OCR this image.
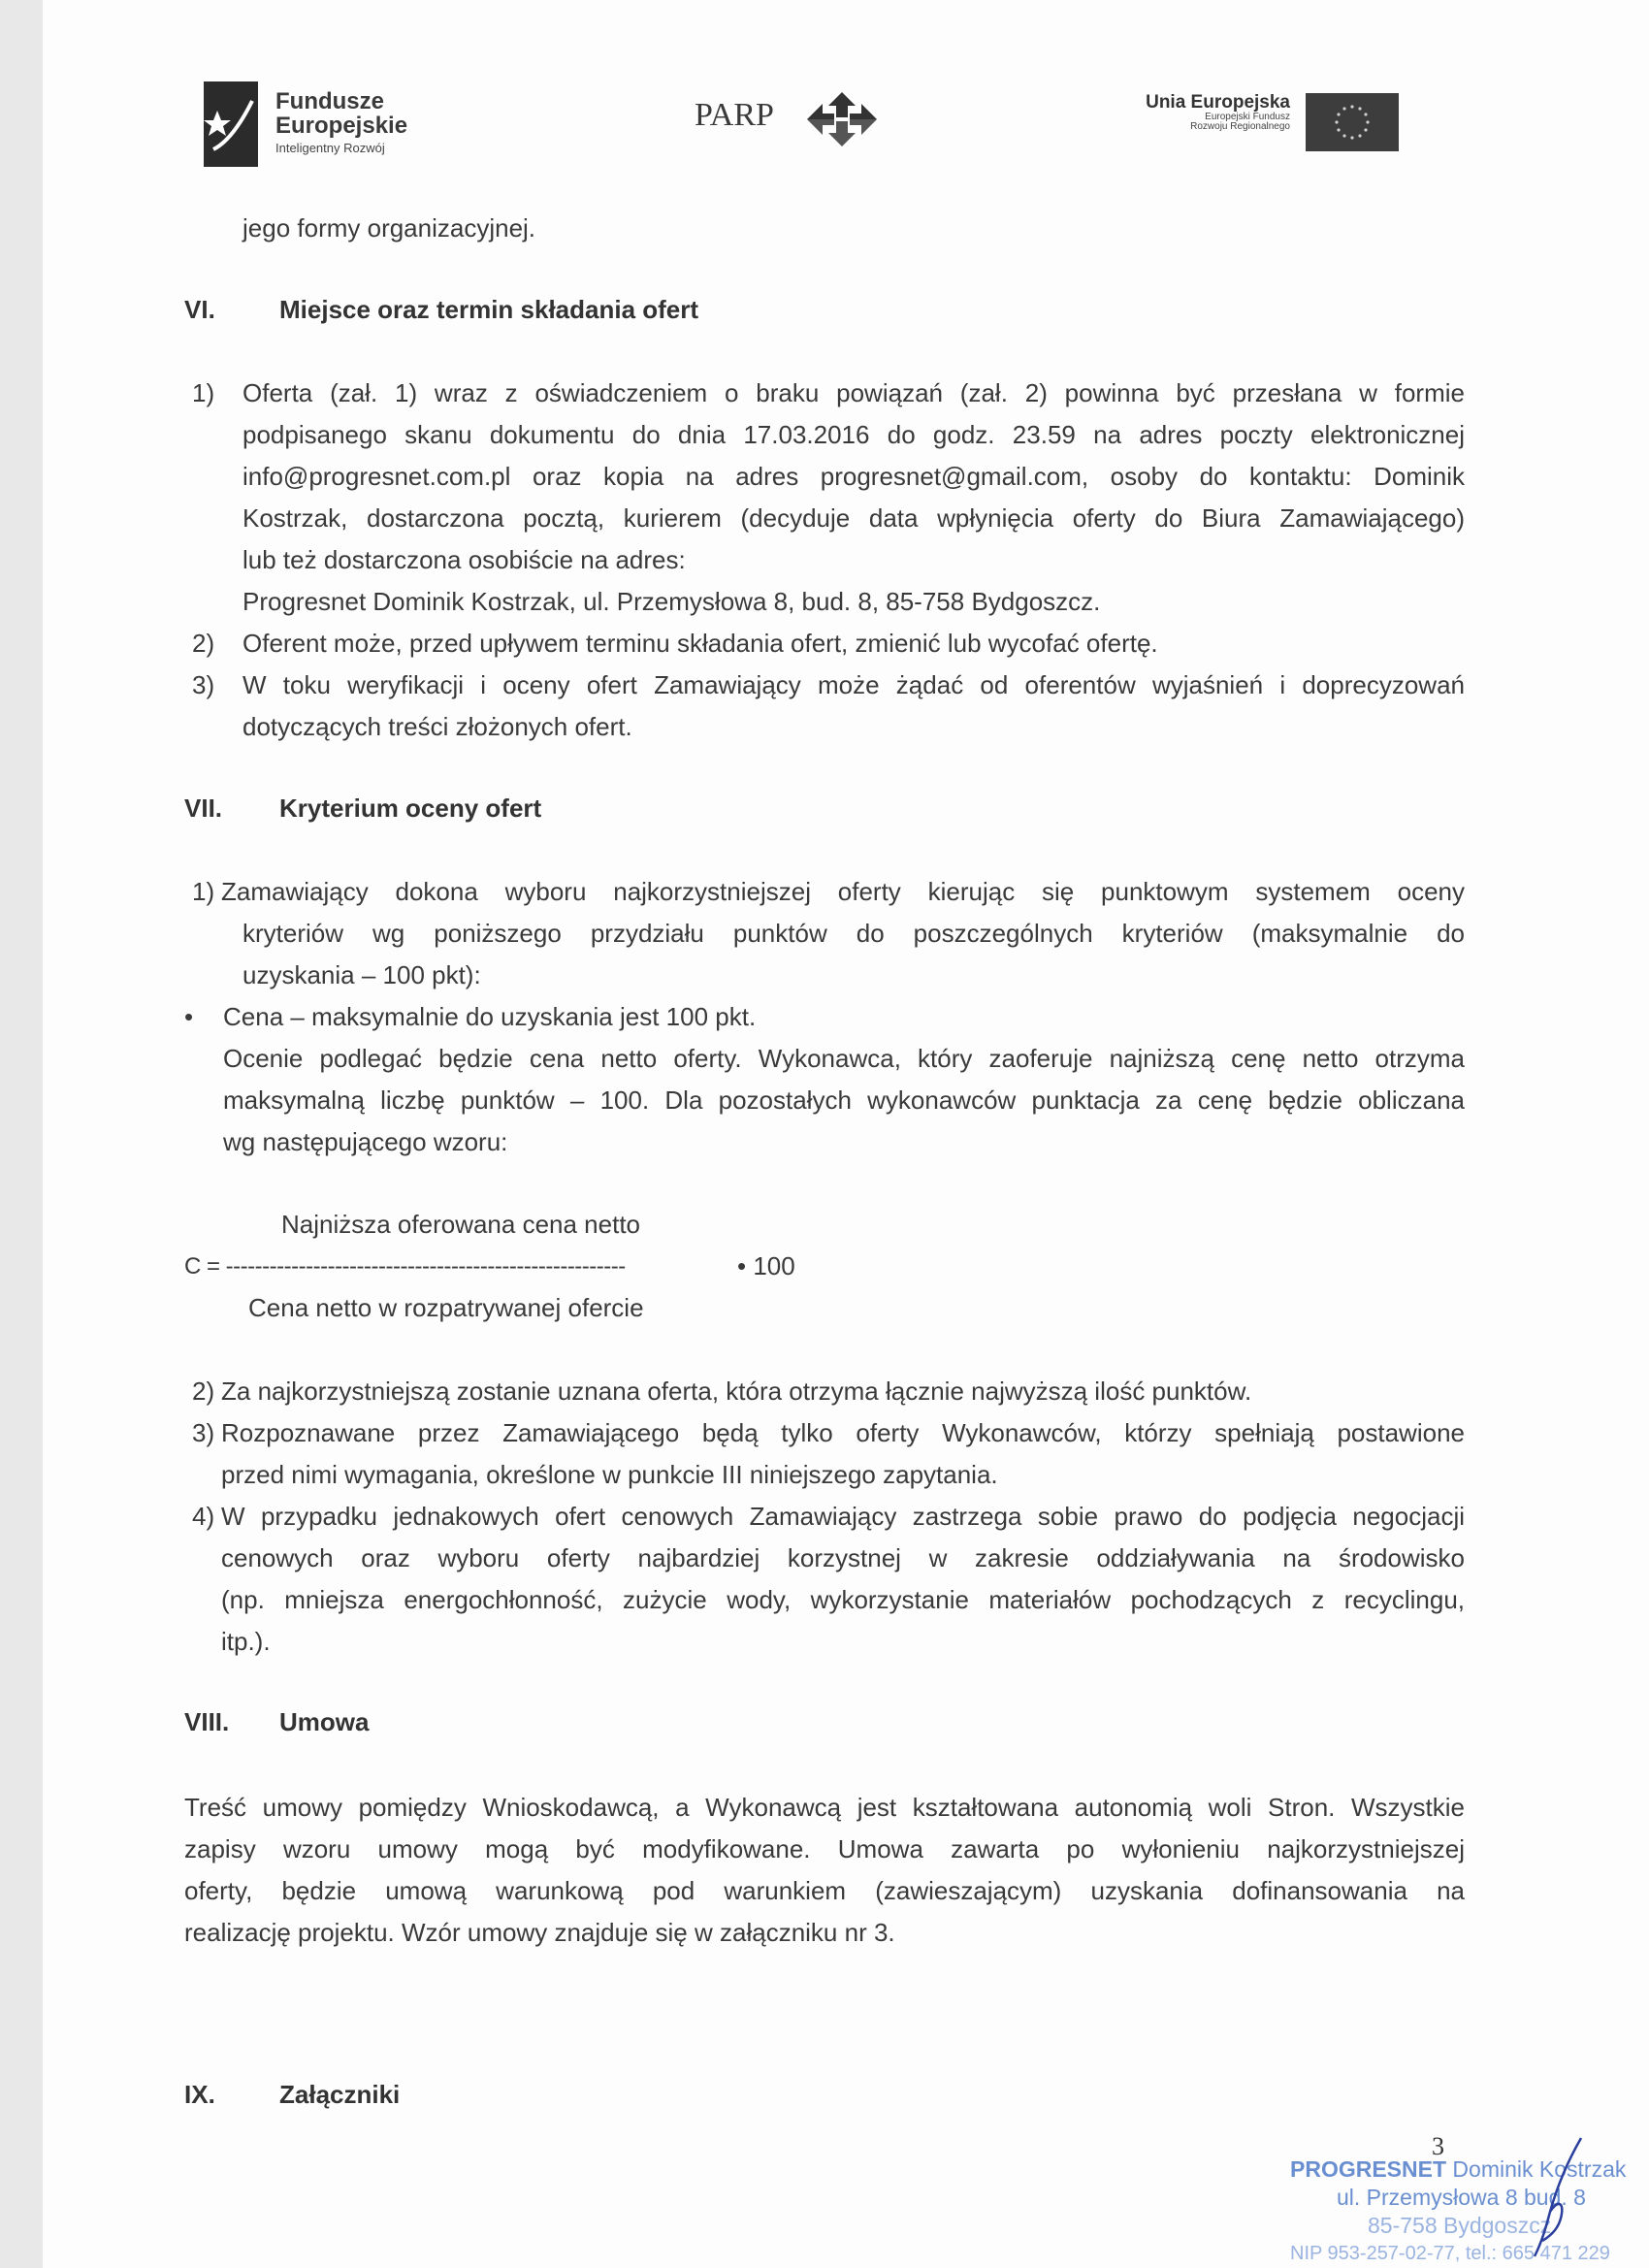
Fundusze
Europejskie
Inteligentny Rozwój
PARP	Unia Europejska
Europejski Fundusz
Rozwoju Regionalnego
jego formy organizacyjnej.
VI.	Miejsce oraz termin składania ofert
1) Oferta (zał. 1) wraz z oświadczeniem o braku powiązań (zał. 2) powinna być przesłana w formie
podpisanego skanu dokumentu do dnia 17.03.2016 do godz. 23.59 na adres poczty elektronicznej
info@progresnet.com.pl oraz kopia na adres progresnet@gmail.com, osoby do kontaktu: Dominik
Kostrzak, dostarczona pocztą, kurierem (decyduje data wpłynięcia oferty do Biura Zamawiającego)
lub też dostarczona osobiście na adres:
Progresnet Dominik Kostrzak, ul. Przemysłowa 8, bud. 8, 85-758 Bydgoszcz.
2) Oferent może, przed upływem terminu składania ofert, zmienić lub wycofać ofertę.
3) W toku weryfikacji i oceny ofert Zamawiający może żądać od oferentów wyjaśnień i doprecyzowań
dotyczących treści złożonych ofert.
VII. Kryterium oceny ofert
1) Zamawiający dokona wyboru najkorzystniejszej oferty kierując się punktowym systemem oceny
kryteriów wg poniższego przydziału punktów do poszczególnych kryteriów (maksymalnie do
uzyskania – 100 pkt):
• Cena – maksymalnie do uzyskania jest 100 pkt.
Ocenie podlegać będzie cena netto oferty. Wykonawca, który zaoferuje najniższą cenę netto otrzyma
maksymalną liczbę punktów – 100. Dla pozostałych wykonawców punktacja za cenę będzie obliczana
wg następującego wzoru:
Najniższa oferowana cena netto
C = -------------------------------------------------------	• 100
Cena netto w rozpatrywanej ofercie
2) Za najkorzystniejszą zostanie uznana oferta, która otrzyma łącznie najwyższą ilość punktów.
3) Rozpoznawane przez Zamawiającego będą tylko oferty Wykonawców, którzy spełniają postawione
przed nimi wymagania, określone w punkcie III niniejszego zapytania.
4) W przypadku jednakowych ofert cenowych Zamawiający zastrzega sobie prawo do podjęcia negocjacji
cenowych oraz wyboru oferty najbardziej korzystnej w zakresie oddziaływania na środowisko
(np. mniejsza energochłonność, zużycie wody, wykorzystanie materiałów pochodzących z recyclingu,
itp.).
VIII. Umowa
Treść umowy pomiędzy Wnioskodawcą, a Wykonawcą jest kształtowana autonomią woli Stron. Wszystkie
zapisy wzoru umowy mogą być modyfikowane. Umowa zawarta po wyłonieniu najkorzystniejszej
oferty, będzie umową warunkową pod warunkiem (zawieszającym) uzyskania dofinansowania na
realizację projektu. Wzór umowy znajduje się w załączniku nr 3.
IX.	Załączniki
3
PROGRESNET Dominik Kostrzak
ul. Przemysłowa 8 bud. 8
85-758 Bydgoszcz
NIP 953-257-02-77, tel.: 665 471 229
